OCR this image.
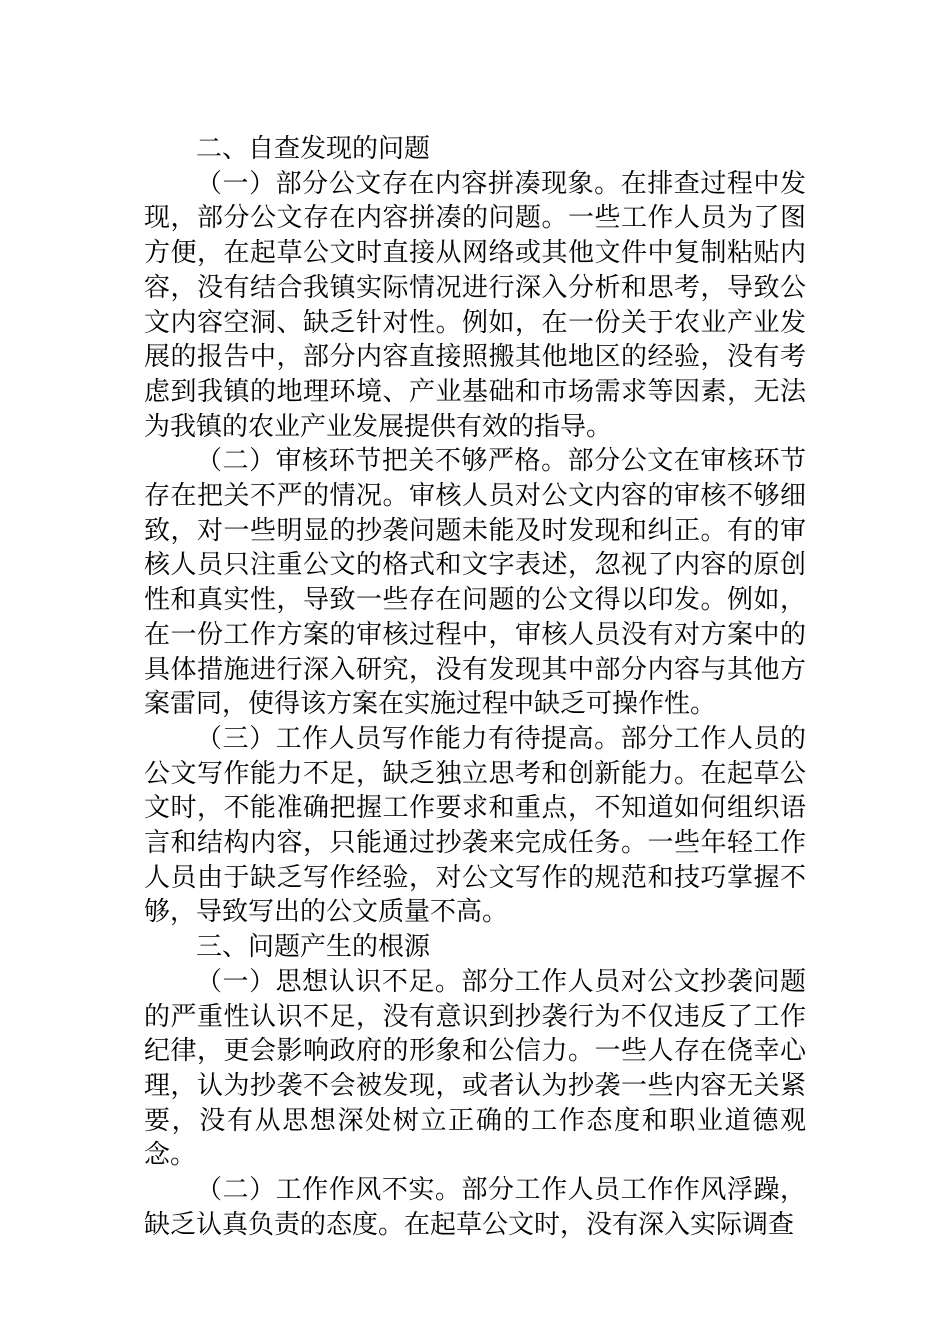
二、自查发现的问题

（一）部分公文存在内容拼凑现象。在排查过程中发现，部分公文存在内容拼凑的问题。一些工作人员为了图方便，在起草公文时直接从网络或其他文件中复制粘贴内容，没有结合我镇实际情况进行深入分析和思考，导致公文内容空洞、缺乏针对性。例如，在一份关于农业产业发展的报告中，部分内容直接照搬其他地区的经验，没有考虑到我镇的地理环境、产业基础和市场需求等因素，无法为我镇的农业产业发展提供有效的指导。

（二）审核环节把关不够严格。部分公文在审核环节存在把关不严的情况。审核人员对公文内容的审核不够细致，对一些明显的抄袭问题未能及时发现和纠正。有的审核人员只注重公文的格式和文字表述，忽视了内容的原创性和真实性，导致一些存在问题的公文得以印发。例如，在一份工作方案的审核过程中，审核人员没有对方案中的具体措施进行深入研究，没有发现其中部分内容与其他方案雷同，使得该方案在实施过程中缺乏可操作性。

（三）工作人员写作能力有待提高。部分工作人员的公文写作能力不足，缺乏独立思考和创新能力。在起草公文时，不能准确把握工作要求和重点，不知道如何组织语言和结构内容，只能通过抄袭来完成任务。一些年轻工作人员由于缺乏写作经验，对公文写作的规范和技巧掌握不够，导致写出的公文质量不高。

三、问题产生的根源

（一）思想认识不足。部分工作人员对公文抄袭问题的严重性认识不足，没有意识到抄袭行为不仅违反了工作纪律，更会影响政府的形象和公信力。一些人存在侥幸心理，认为抄袭不会被发现，或者认为抄袭一些内容无关紧要，没有从思想深处树立正确的工作态度和职业道德观念。

（二）工作作风不实。部分工作人员工作作风浮躁，缺乏认真负责的态度。在起草公文时，没有深入实际调查
